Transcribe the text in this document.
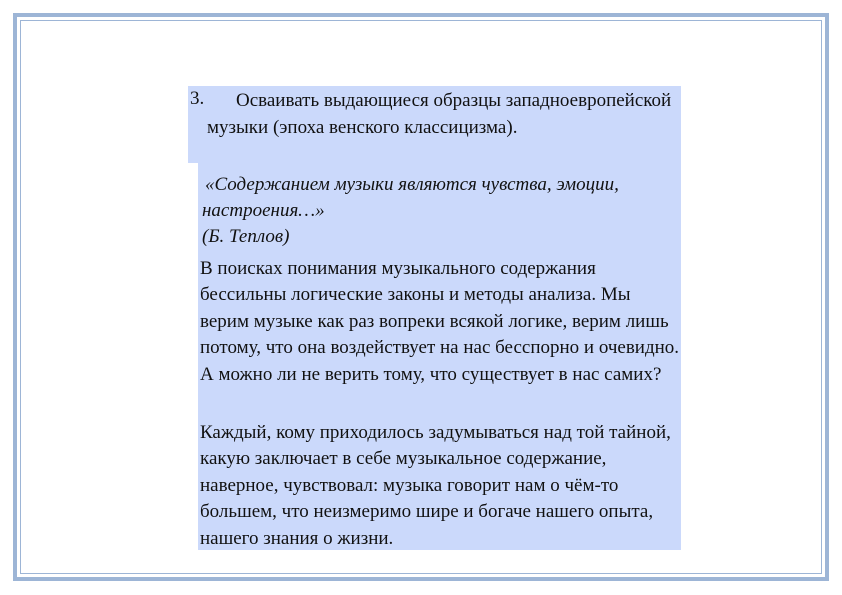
3.	Осваивать выдающиеся образцы западноевропейской музыки (эпоха венского классицизма).
«Содержанием музыки являются чувства, эмоции, настроения…»
(Б. Теплов)
В поисках понимания музыкального содержания бессильны логические законы и методы анализа. Мы верим музыке как раз вопреки всякой логике, верим лишь потому, что она воздействует на нас бесспорно и очевидно. А можно ли не верить тому, что существует в нас самих?
Каждый, кому приходилось задумываться над той тайной, какую заключает в себе музыкальное содержание, наверное, чувствовал: музыка говорит нам о чём-то большем, что неизмеримо шире и богаче нашего опыта, нашего знания о жизни.
